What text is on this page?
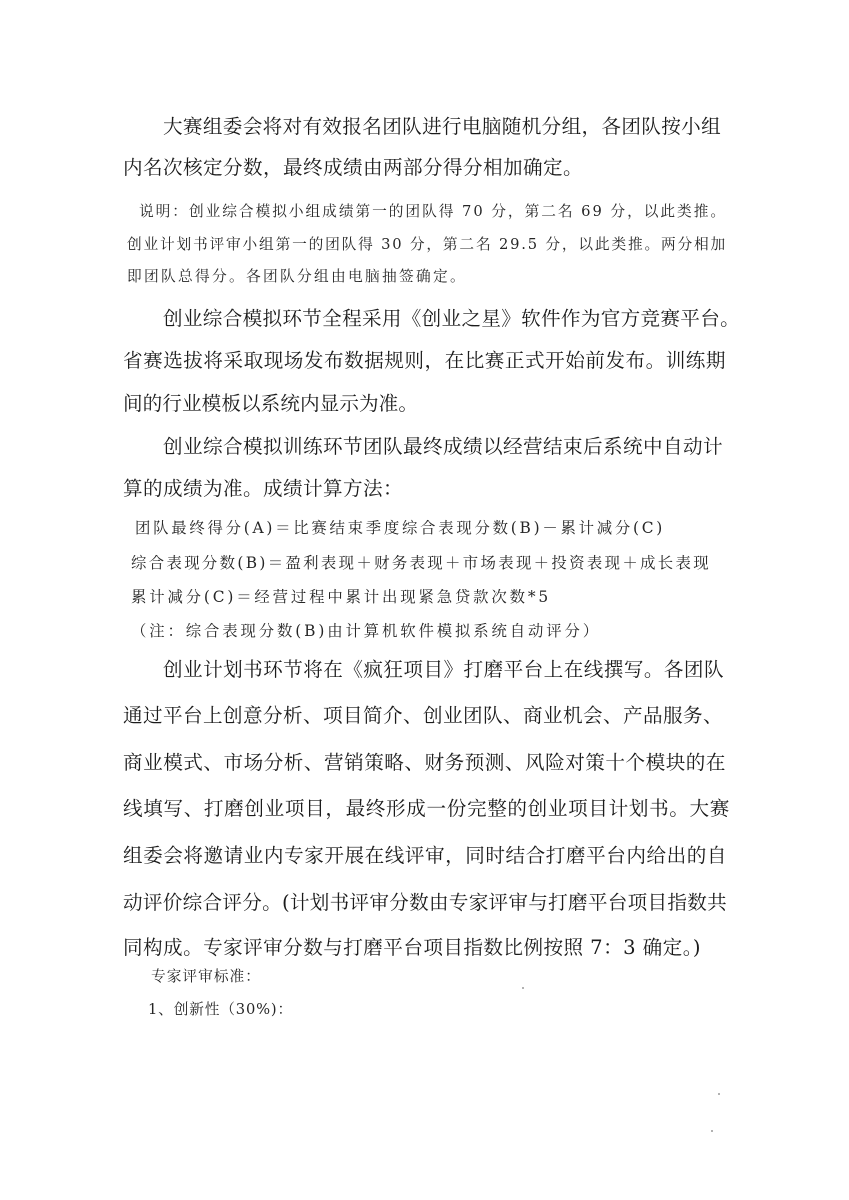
大赛组委会将对有效报名团队进行电脑随机分组，各团队按小组
内名次核定分数，最终成绩由两部分得分相加确定。
说明：创业综合模拟小组成绩第一的团队得 70 分，第二名 69 分，以此类推。
创业计划书评审小组第一的团队得 30 分，第二名 29.5 分，以此类推。两分相加
即团队总得分。各团队分组由电脑抽签确定。
创业综合模拟环节全程采用《创业之星》软件作为官方竞赛平台。
省赛选拔将采取现场发布数据规则，在比赛正式开始前发布。训练期
间的行业模板以系统内显示为准。
创业综合模拟训练环节团队最终成绩以经营结束后系统中自动计
算的成绩为准。成绩计算方法：
团队最终得分(A)＝比赛结束季度综合表现分数(B)－累计减分(C)
综合表现分数(B)＝盈利表现＋财务表现＋市场表现＋投资表现＋成长表现
累计减分(C)＝经营过程中累计出现紧急贷款次数*5
（注：综合表现分数(B)由计算机软件模拟系统自动评分）
创业计划书环节将在《疯狂项目》打磨平台上在线撰写。各团队
通过平台上创意分析、项目简介、创业团队、商业机会、产品服务、
商业模式、市场分析、营销策略、财务预测、风险对策十个模块的在
线填写、打磨创业项目，最终形成一份完整的创业项目计划书。大赛
组委会将邀请业内专家开展在线评审，同时结合打磨平台内给出的自
动评价综合评分。(计划书评审分数由专家评审与打磨平台项目指数共
同构成。专家评审分数与打磨平台项目指数比例按照 7：3 确定。)
专家评审标准：
1、创新性（30%)：
